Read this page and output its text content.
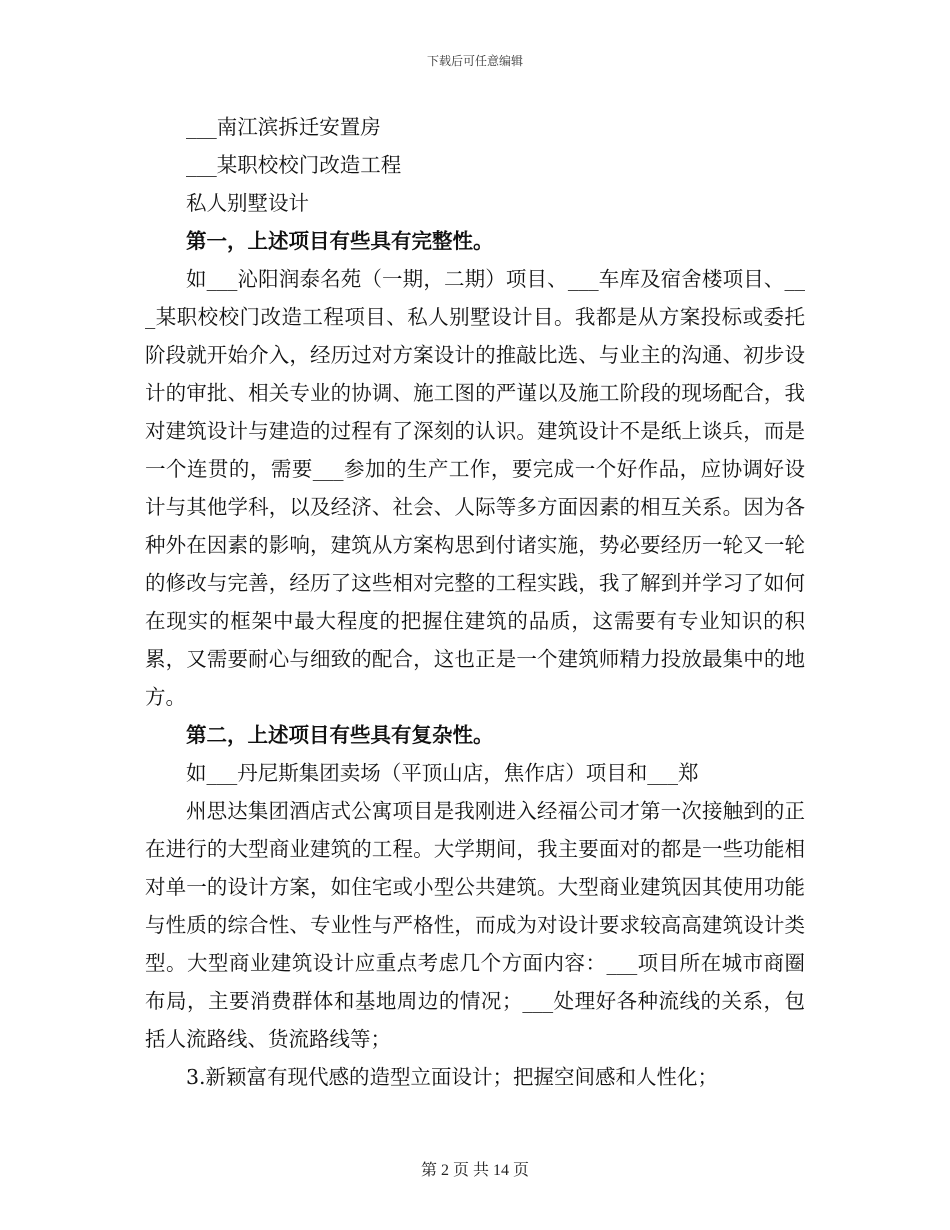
下载后可任意编辑

___南江滨拆迁安置房

___某职校校门改造工程

私人别墅设计

第一，上述项目有些具有完整性。

如___沁阳润泰名苑（一期，二期）项目、___车库及宿舍楼项目、___某职校校门改造工程项目、私人别墅设计目。我都是从方案投标或委托阶段就开始介入，经历过对方案设计的推敲比选、与业主的沟通、初步设计的审批、相关专业的协调、施工图的严谨以及施工阶段的现场配合，我对建筑设计与建造的过程有了深刻的认识。建筑设计不是纸上谈兵，而是一个连贯的，需要___参加的生产工作，要完成一个好作品，应协调好设计与其他学科，以及经济、社会、人际等多方面因素的相互关系。因为各种外在因素的影响，建筑从方案构思到付诸实施，势必要经历一轮又一轮的修改与完善，经历了这些相对完整的工程实践，我了解到并学习了如何在现实的框架中最大程度的把握住建筑的品质，这需要有专业知识的积累，又需要耐心与细致的配合，这也正是一个建筑师精力投放最集中的地方。

第二，上述项目有些具有复杂性。

如___丹尼斯集团卖场（平顶山店，焦作店）项目和___郑

州思达集团酒店式公寓项目是我刚进入经福公司才第一次接触到的正在进行的大型商业建筑的工程。大学期间，我主要面对的都是一些功能相对单一的设计方案，如住宅或小型公共建筑。大型商业建筑因其使用功能与性质的综合性、专业性与严格性，而成为对设计要求较高高建筑设计类型。大型商业建筑设计应重点考虑几个方面内容：___项目所在城市商圈布局，主要消费群体和基地周边的情况；___处理好各种流线的关系，包括人流路线、货流路线等；

3.新颖富有现代感的造型立面设计；把握空间感和人性化；

第 2 页 共 14 页
